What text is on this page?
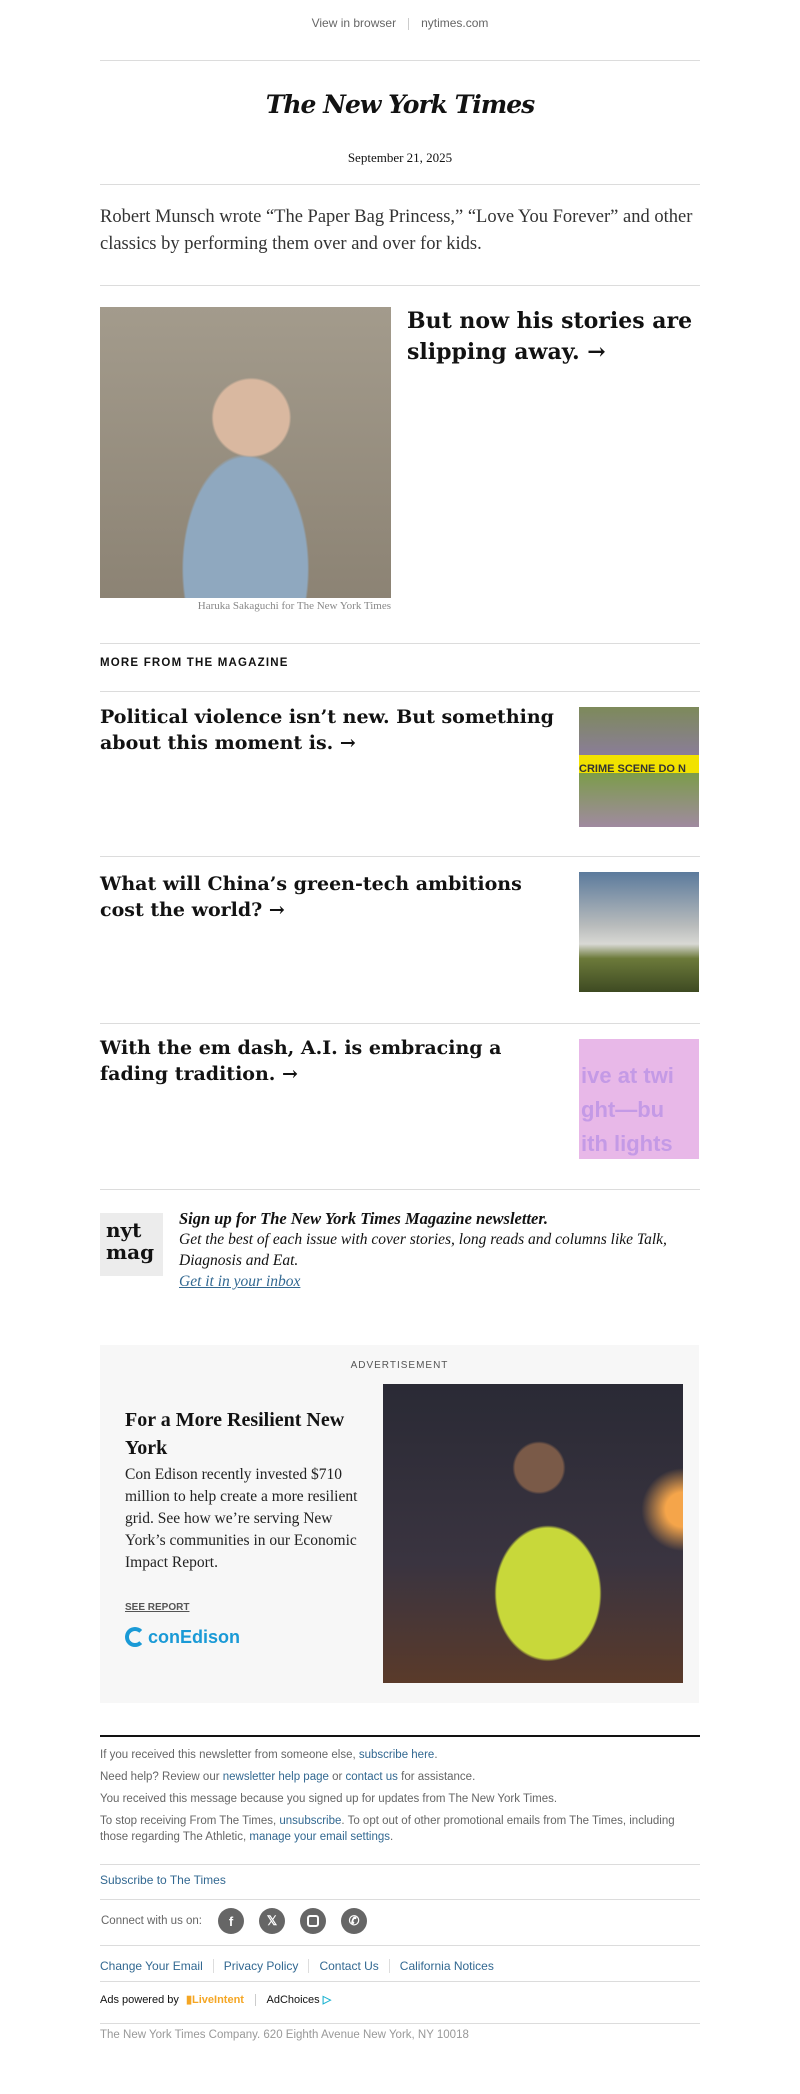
View in browser nytimes.com
The New York Times
September 21, 2025
Robert Munsch wrote “The Paper Bag Princess,” “Love You Forever” and other classics by performing them over and over for kids.
Haruka Sakaguchi for The New York Times
But now his stories are slipping away. →
MORE FROM THE MAGAZINE
Political violence isn’t new. But something about this moment is. →
CRIME SCENE DO N
What will China’s green-tech ambitions cost the world? →
With the em dash, A.I. is embracing a fading tradition. →	ive at twi ght—bu ith lights
nyt
mag
Sign up for The New York Times Magazine newsletter.
Get the best of each issue with cover stories, long reads and columns like Talk, Diagnosis and Eat.
Get it in your inbox
ADVERTISEMENT
For a More Resilient New York
Con Edison recently invested $710 million to help create a more resilient grid. See how we’re serving New York’s communities in our Economic Impact Report.
SEE REPORT
conEdison
If you received this newsletter from someone else, subscribe here.
Need help? Review our newsletter help page or contact us for assistance.
You received this message because you signed up for updates from The New York Times.
To stop receiving From The Times, unsubscribe. To opt out of other promotional emails from The Times, including those regarding The Athletic, manage your email settings.
Subscribe to The Times
Connect with us on:	f	𝕏	✆
Change Your Email Privacy Policy Contact Us California Notices
Ads powered by ▮LiveIntent AdChoices ▷
The New York Times Company. 620 Eighth Avenue New York, NY 10018
